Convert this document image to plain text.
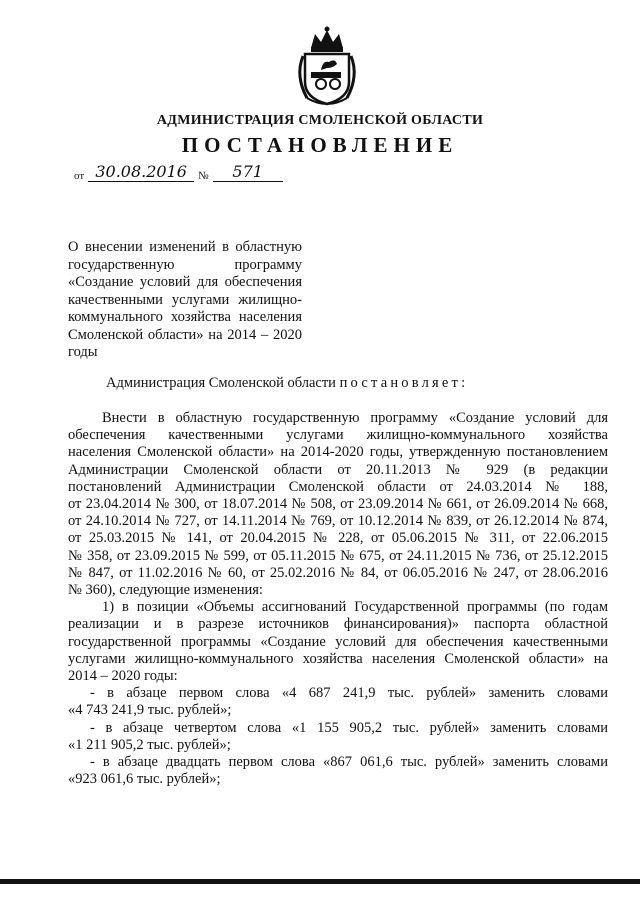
АДМИНИСТРАЦИЯ СМОЛЕНСКОЙ ОБЛАСТИ
ПОСТАНОВЛЕНИЕ
от 30.08.2016 № 571
О внесении изменений в областную
государственную программу
«Создание условий для обеспечения
качественными услугами жилищно-
коммунального хозяйства населения
Смоленской области» на 2014 – 2020
годы
Администрация Смоленской области постановляет:
Внести в областную государственную программу «Создание условий для
обеспечения качественными услугами жилищно-коммунального хозяйства
населения Смоленской области» на 2014-2020 годы, утвержденную постановлением
Администрации Смоленской области от 20.11.2013 № 929 (в редакции
постановлений Администрации Смоленской области от 24.03.2014 № 188,
от 23.04.2014 № 300, от 18.07.2014 № 508, от 23.09.2014 № 661, от 26.09.2014 № 668,
от 24.10.2014 № 727, от 14.11.2014 № 769, от 10.12.2014 № 839, от 26.12.2014 № 874,
от 25.03.2015 № 141, от 20.04.2015 № 228, от 05.06.2015 № 311, от 22.06.2015
№ 358, от 23.09.2015 № 599, от 05.11.2015 № 675, от 24.11.2015 № 736, от 25.12.2015
№ 847, от 11.02.2016 № 60, от 25.02.2016 № 84, от 06.05.2016 № 247, от 28.06.2016
№ 360), следующие изменения:
1) в позиции «Объемы ассигнований Государственной программы (по годам
реализации и в разрезе источников финансирования)» паспорта областной
государственной программы «Создание условий для обеспечения качественными
услугами жилищно-коммунального хозяйства населения Смоленской области» на
2014 – 2020 годы:
- в абзаце первом слова «4 687 241,9 тыс. рублей» заменить словами
«4 743 241,9 тыс. рублей»;
- в абзаце четвертом слова «1 155 905,2 тыс. рублей» заменить словами
«1 211 905,2 тыс. рублей»;
- в абзаце двадцать первом слова «867 061,6 тыс. рублей» заменить словами
«923 061,6 тыс. рублей»;
